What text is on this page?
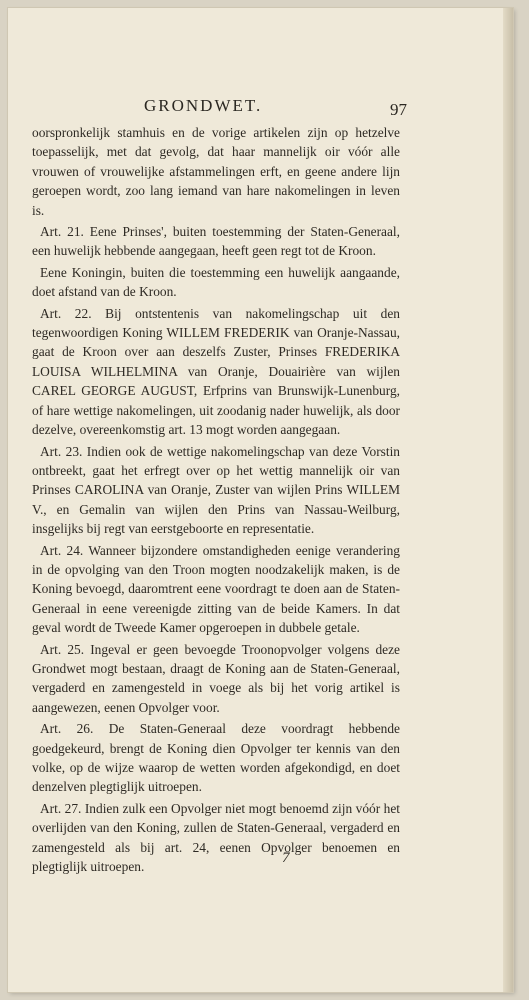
GRONDWET.	97

oorspronkelijk stamhuis en de vorige artikelen zijn op hetzelve toepasselijk, met dat gevolg, dat haar mannelijk oir vóór alle vrouwen of vrouwelijke afstammelingen erft, en geene andere lijn geroepen wordt, zoo lang iemand van hare nakomelingen in leven is.

Art. 21. Eene Prinses', buiten toestemming der Staten-Generaal, een huwelijk hebbende aangegaan, heeft geen regt tot de Kroon.

Eene Koningin, buiten die toestemming een huwelijk aangaande, doet afstand van de Kroon.

Art. 22. Bij ontstentenis van nakomelingschap uit den tegenwoordigen Koning WILLEM FREDERIK van Oranje-Nassau, gaat de Kroon over aan deszelfs Zuster, Prinses FREDERIKA LOUISA WILHELMINA van Oranje, Douairière van wijlen CAREL GEORGE AUGUST, Erfprins van Brunswijk-Lunenburg, of hare wettige nakomelingen, uit zoodanig nader huwelijk, als door dezelve, overeenkomstig art. 13 mogt worden aangegaan.

Art. 23. Indien ook de wettige nakomelingschap van deze Vorstin ontbreekt, gaat het erfregt over op het wettig mannelijk oir van Prinses CAROLINA van Oranje, Zuster van wijlen Prins WILLEM V., en Gemalin van wijlen den Prins van Nassau-Weilburg, insgelijks bij regt van eerstgeboorte en representatie.

Art. 24. Wanneer bijzondere omstandigheden eenige verandering in de opvolging van den Troon mogten noodzakelijk maken, is de Koning bevoegd, daaromtrent eene voordragt te doen aan de Staten-Generaal in eene vereenigde zitting van de beide Kamers. In dat geval wordt de Tweede Kamer opgeroepen in dubbele getale.

Art. 25. Ingeval er geen bevoegde Troonopvolger volgens deze Grondwet mogt bestaan, draagt de Koning aan de Staten-Generaal, vergaderd en zamengesteld in voege als bij het vorig artikel is aangewezen, eenen Opvolger voor.

Art. 26. De Staten-Generaal deze voordragt hebbende goedgekeurd, brengt de Koning dien Opvolger ter kennis van den volke, op de wijze waarop de wetten worden afgekondigd, en doet denzelven plegtiglijk uitroepen.

Art. 27. Indien zulk een Opvolger niet mogt benoemd zijn vóór het overlijden van den Koning, zullen de Staten-Generaal, vergaderd en zamengesteld als bij art. 24, eenen Opvolger benoemen en plegtiglijk uitroepen.

7
